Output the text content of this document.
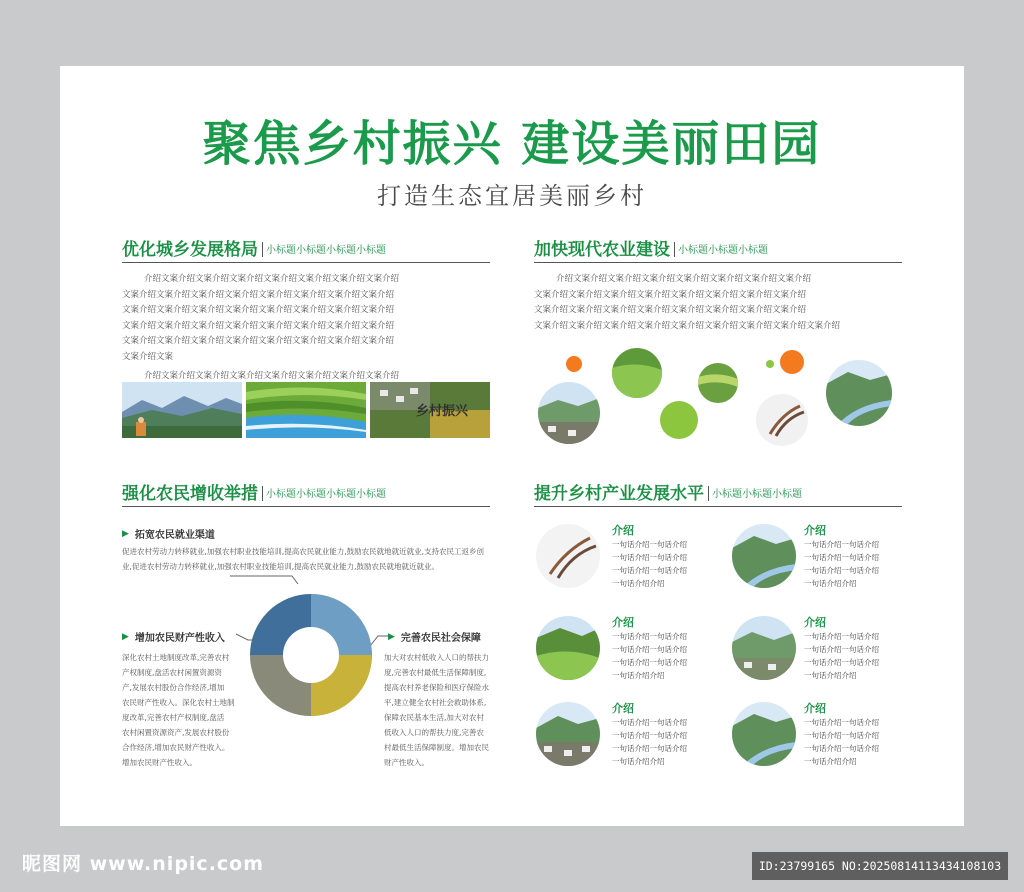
聚焦乡村振兴 建设美丽田园
打造生态宜居美丽乡村
优化城乡发展格局 小标题小标题小标题小标题
介绍文案介绍文案介绍文案介绍文案介绍文案介绍文案介绍文案介绍
文案介绍文案介绍文案介绍文案介绍文案介绍文案介绍文案介绍文案介绍
文案介绍文案介绍文案介绍文案介绍文案介绍文案介绍文案介绍文案介绍
文案介绍文案介绍文案介绍文案介绍文案介绍文案介绍文案介绍文案介绍
文案介绍文案介绍文案介绍文案介绍文案介绍文案介绍文案介绍文案介绍
文案介绍文案
介绍文案介绍文案介绍文案介绍文案介绍文案介绍文案介绍文案介绍
乡村振兴
加快现代农业建设 小标题小标题小标题
介绍文案介绍文案介绍文案介绍文案介绍文案介绍文案介绍文案介绍
文案介绍文案介绍文案介绍文案介绍文案介绍文案介绍文案介绍文案介绍
文案介绍文案介绍文案介绍文案介绍文案介绍文案介绍文案介绍文案介绍
文案介绍文案介绍文案介绍文案介绍文案介绍文案介绍文案介绍文案介绍文案介绍
强化农民增收举措 小标题小标题小标题小标题
▶ 拓宽农民就业渠道
促进农村劳动力转移就业,加强农村职业技能培训,提高农民就业能力,鼓励农民就地就近就业,支持农民工返乡创
业,促进农村劳动力转移就业,加强农村职业技能培训,提高农民就业能力,鼓励农民就地就近就业。
▶ 增加农民财产性收入
深化农村土地制度改革,完善农村
产权制度,盘活农村闲置资源资
产,发展农村股份合作经济,增加
农民财产性收入。深化农村土地制
度改革,完善农村产权制度,盘活
农村闲置资源资产,发展农村股份
合作经济,增加农民财产性收入。
增加农民财产性收入。
▶ 完善农民社会保障
加大对农村低收入人口的帮扶力
度,完善农村最低生活保障制度,
提高农村养老保险和医疗保险水
平,建立健全农村社会救助体系,
保障农民基本生活,加大对农村
低收入人口的帮扶力度,完善农
村最低生活保障制度。增加农民
财产性收入。
提升乡村产业发展水平 小标题小标题小标题
介绍
一句话介绍一句话介绍
一句话介绍一句话介绍
一句话介绍一句话介绍
一句话介绍介绍
介绍
一句话介绍一句话介绍
一句话介绍一句话介绍
一句话介绍一句话介绍
一句话介绍介绍
介绍
一句话介绍一句话介绍
一句话介绍一句话介绍
一句话介绍一句话介绍
一句话介绍介绍
介绍
一句话介绍一句话介绍
一句话介绍一句话介绍
一句话介绍一句话介绍
一句话介绍介绍
介绍
一句话介绍一句话介绍
一句话介绍一句话介绍
一句话介绍一句话介绍
一句话介绍介绍
介绍
一句话介绍一句话介绍
一句话介绍一句话介绍
一句话介绍一句话介绍
一句话介绍介绍
昵图网 www.nipic.com	ID:23799165 NO:20250814113434108103
